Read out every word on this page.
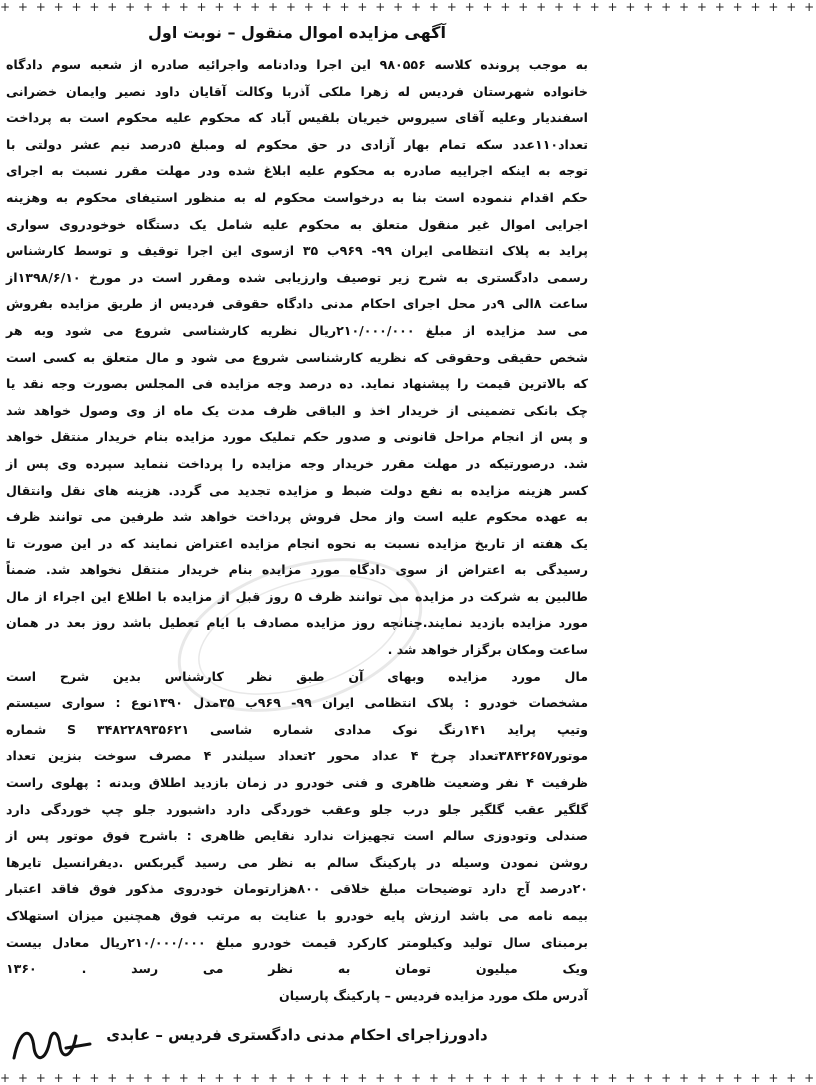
+ + + + + + + + + + + + + + + + + + + + + + + + + + + + + + + + + + + + + + + + + + + + + +
آگهی مزایده اموال منقول – نوبت اول
به موجب پرونده کلاسه ۹۸۰۵۵۶ این اجرا ودادنامه واجرائیه صادره از شعبه سوم دادگاه
خانواده شهرستان فردیس له زهرا ملکی آذربا وکالت آقایان داود نصیر وایمان خضرانی
اسفندیار وعلیه آقای سیروس خیریان بلقیس آباد که محکوم علیه محکوم است به پرداخت
تعداد۱۱۰عدد سکه تمام بهار آزادی در حق محکوم له ومبلغ ۵درصد نیم عشر دولتی با
توجه به اینکه اجراییه صادره به محکوم علیه ابلاغ شده ودر مهلت مقرر نسبت به اجرای
حکم اقدام ننموده است بنا به درخواست محکوم له به منظور استیفای محکوم به وهزینه
اجرایی اموال غیر منقول متعلق به محکوم علیه شامل یک دستگاه خوخودروی سواری
پراید به پلاک انتظامی ایران ۹۹- ۹۶۹ب ۳۵ ازسوی این اجرا توقیف و توسط کارشناس
رسمی دادگستری به شرح زیر توصیف وارزیابی شده ومقرر است در مورخ ۱۳۹۸/۶/۱۰از
ساعت ۸الی ۹در محل اجرای احکام مدنی دادگاه حقوقی فردیس از طریق مزایده بفروش
می سد مزایده از مبلغ ۲۱۰/۰۰۰/۰۰۰ریال نظریه کارشناسی شروع می شود وبه هر
شخص حقیقی وحقوقی که نظریه کارشناسی شروع می شود و مال متعلق به کسی است
که بالاترین قیمت را پیشنهاد نماید. ده درصد وجه مزایده فی المجلس بصورت وجه نقد یا
چک بانکی تضمینی از خریدار اخذ و الباقی ظرف مدت یک ماه از وی وصول خواهد شد
و پس از انجام مراحل قانونی و صدور حکم تملیک مورد مزایده بنام خریدار منتقل خواهد
شد. درصورتیکه در مهلت مقرر خریدار وجه مزایده را پرداخت ننماید سپرده وی پس از
کسر هزینه مزایده به نفع دولت ضبط و مزایده تجدید می گردد. هزینه های نقل وانتقال
به عهده محکوم علیه است واز محل فروش پرداخت خواهد شد طرفین می توانند ظرف
یک هفته از تاریخ مزایده نسبت به نحوه انجام مزایده اعتراض نمایند که در این صورت تا
رسیدگی به اعتراض از سوی دادگاه مورد مزایده بنام خریدار منتقل نخواهد شد. ضمناً
طالبین به شرکت در مزایده می توانند ظرف ۵ روز قبل از مزایده با اطلاع این اجراء از مال
مورد مزایده بازدید نمایند.چنانچه روز مزایده مصادف با ایام تعطیل باشد روز بعد در همان
ساعت ومکان برگزار خواهد شد .
مال مورد مزایده وبهای آن طبق نظر کارشناس بدین شرح است
مشخصات خودرو : پلاک انتظامی ایران ۹۹- ۹۶۹ب ۳۵مدل ۱۳۹۰نوع : سواری سیستم
وتیپ پراید ۱۴۱رنگ نوک مدادی شماره شاسی S ۳۴۸۲۲۸۹۳۵۶۲۱ شماره
موتور۳۸۴۲۶۵۷تعداد چرخ ۴ عداد محور ۲تعداد سیلندر ۴ مصرف سوخت بنزین تعداد
ظرفیت ۴ نفر وضعیت ظاهری و فنی خودرو در زمان بازدید اطلاق وبدنه : پهلوی راست
گلگیر عقب گلگیر جلو درب جلو وعقب خوردگی دارد داشبورد جلو چپ خوردگی دارد
صندلی وتودوزی سالم است تجهیزات ندارد نقایص ظاهری : باشرح فوق موتور پس از
روشن نمودن وسیله در پارکینگ سالم به نظر می رسید گیربکس .دیفرانسیل تایرها
۲۰درصد آج دارد توضیحات مبلغ خلاقی ۸۰۰هزارتومان خودروی مذکور فوق فاقد اعتبار
بیمه نامه می باشد ارزش پایه خودرو با عنایت به مرتب فوق همچنین میزان استهلاک
برمبنای سال تولید وکیلومتر کارکرد قیمت خودرو مبلغ ۲۱۰/۰۰۰/۰۰۰ریال معادل بیست
ویک میلیون تومان به نظر می رسد . ۱۳۶۰
آدرس ملک مورد مزایده فردیس – پارکینگ پارسیان
دادورزاجرای احکام مدنی دادگستری فردیس – عابدی
+ + + + + + + + + + + + + + + + + + + + + + + + + + + + + + + + + + + + + + + + + + + + + +
